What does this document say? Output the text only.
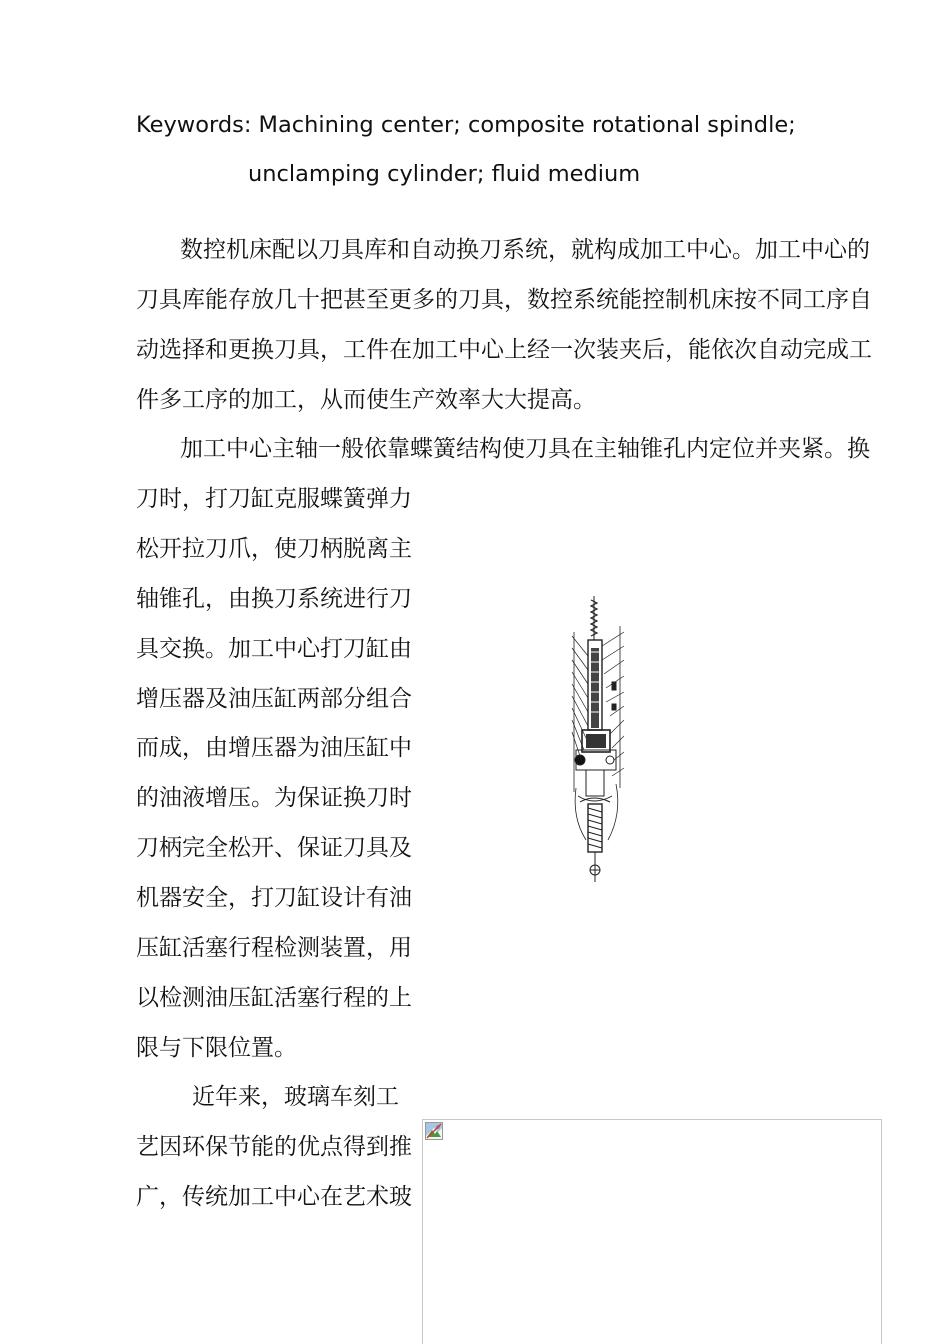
Keywords: Machining center; composite rotational spindle;
unclamping cylinder; fluid medium
数控机床配以刀具库和自动换刀系统，就构成加工中心。加工中心的
刀具库能存放几十把甚至更多的刀具，数控系统能控制机床按不同工序自
动选择和更换刀具，工件在加工中心上经一次装夹后，能依次自动完成工
件多工序的加工，从而使生产效率大大提高。
加工中心主轴一般依靠蝶簧结构使刀具在主轴锥孔内定位并夹紧。换
刀时，打刀缸克服蝶簧弹力
松开拉刀爪，使刀柄脱离主
轴锥孔，由换刀系统进行刀
具交换。加工中心打刀缸由
增压器及油压缸两部分组合
而成，由增压器为油压缸中
的油液增压。为保证换刀时
刀柄完全松开、保证刀具及
机器安全，打刀缸设计有油
压缸活塞行程检测装置，用
以检测油压缸活塞行程的上
限与下限位置。
近年来，玻璃车刻工
艺因环保节能的优点得到推
广，传统加工中心在艺术玻
